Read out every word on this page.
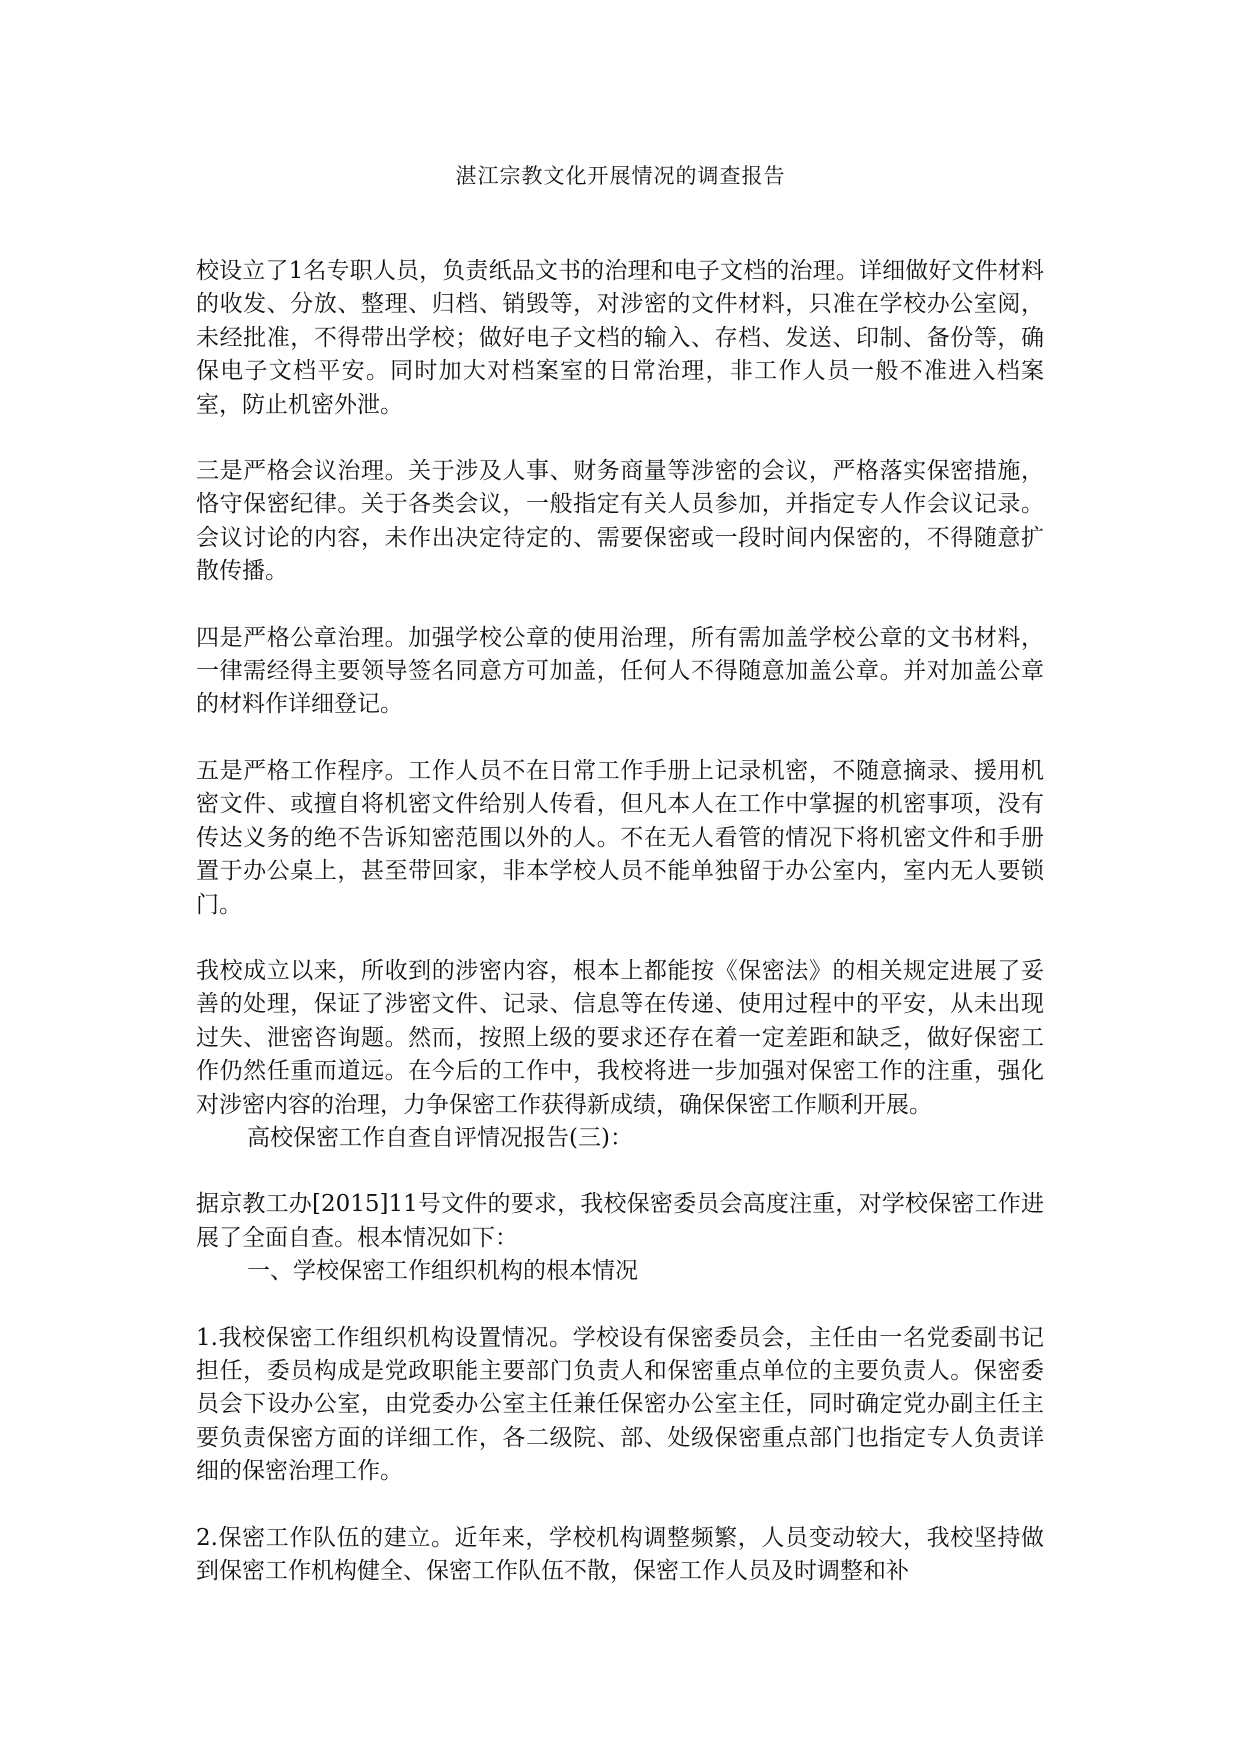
湛江宗教文化开展情况的调查报告

校设立了1名专职人员，负责纸品文书的治理和电子文档的治理。详细做好文件材料的收发、分放、整理、归档、销毁等，对涉密的文件材料，只准在学校办公室阅，未经批准，不得带出学校；做好电子文档的输入、存档、发送、印制、备份等，确保电子文档平安。同时加大对档案室的日常治理，非工作人员一般不准进入档案室，防止机密外泄。

三是严格会议治理。关于涉及人事、财务商量等涉密的会议，严格落实保密措施，恪守保密纪律。关于各类会议，一般指定有关人员参加，并指定专人作会议记录。会议讨论的内容，未作出决定待定的、需要保密或一段时间内保密的，不得随意扩散传播。

四是严格公章治理。加强学校公章的使用治理，所有需加盖学校公章的文书材料，一律需经得主要领导签名同意方可加盖，任何人不得随意加盖公章。并对加盖公章的材料作详细登记。

五是严格工作程序。工作人员不在日常工作手册上记录机密，不随意摘录、援用机密文件、或擅自将机密文件给别人传看，但凡本人在工作中掌握的机密事项，没有传达义务的绝不告诉知密范围以外的人。不在无人看管的情况下将机密文件和手册置于办公桌上，甚至带回家，非本学校人员不能单独留于办公室内，室内无人要锁门。

我校成立以来，所收到的涉密内容，根本上都能按《保密法》的相关规定进展了妥善的处理，保证了涉密文件、记录、信息等在传递、使用过程中的平安，从未出现过失、泄密咨询题。然而，按照上级的要求还存在着一定差距和缺乏，做好保密工作仍然任重而道远。在今后的工作中，我校将进一步加强对保密工作的注重，强化对涉密内容的治理，力争保密工作获得新成绩，确保保密工作顺利开展。

高校保密工作自查自评情况报告(三)：

据京教工办[2015]11号文件的要求，我校保密委员会高度注重，对学校保密工作进展了全面自查。根本情况如下：

一、学校保密工作组织机构的根本情况

1.我校保密工作组织机构设置情况。学校设有保密委员会，主任由一名党委副书记担任，委员构成是党政职能主要部门负责人和保密重点单位的主要负责人。保密委员会下设办公室，由党委办公室主任兼任保密办公室主任，同时确定党办副主任主要负责保密方面的详细工作，各二级院、部、处级保密重点部门也指定专人负责详细的保密治理工作。

2.保密工作队伍的建立。近年来，学校机构调整频繁，人员变动较大，我校坚持做到保密工作机构健全、保密工作队伍不散，保密工作人员及时调整和补
